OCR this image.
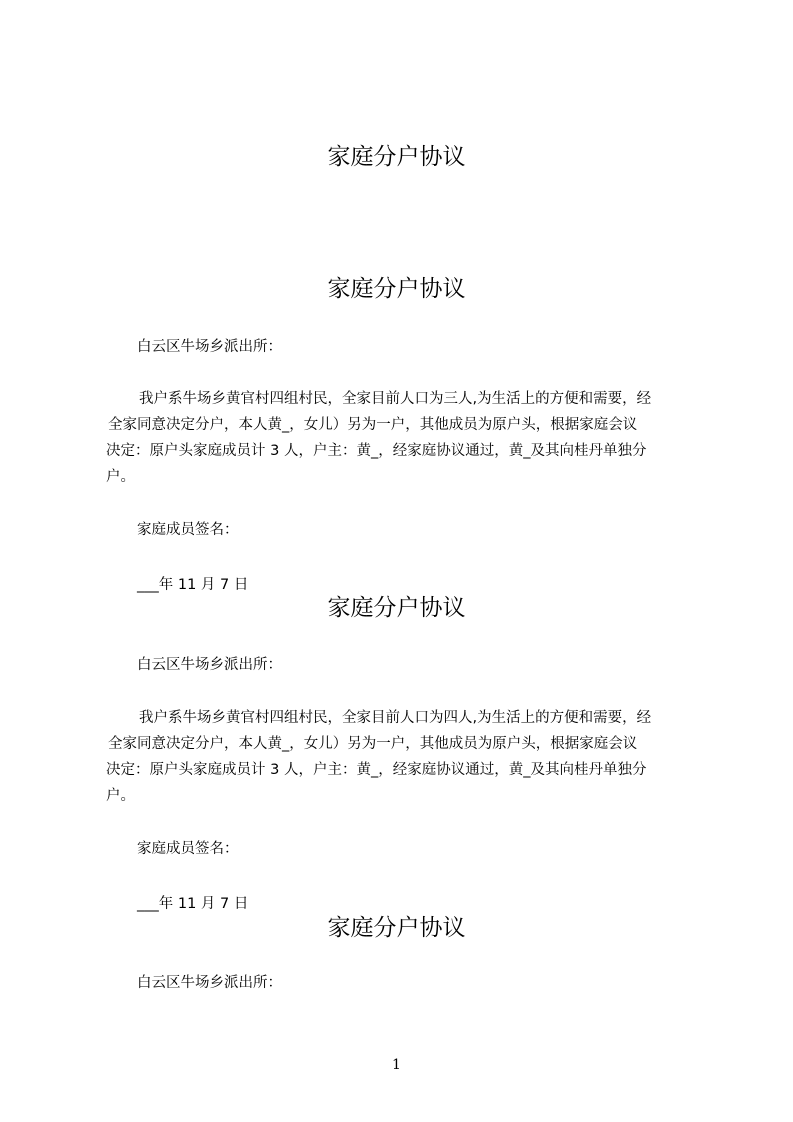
家庭分户协议
家庭分户协议

白云区牛场乡派出所：

我户系牛场乡黄官村四组村民，全家目前人口为三人,为生活上的方便和需要，经

全家同意决定分户，本人黄_，女儿）另为一户，其他成员为原户头，根据家庭会议

决定：原户头家庭成员计 3 人，户主：黄_，经家庭协议通过，黄_及其向桂丹单独分

户。

家庭成员签名：

___年 11 月 7 日

家庭分户协议

白云区牛场乡派出所：

我户系牛场乡黄官村四组村民，全家目前人口为四人,为生活上的方便和需要，经

全家同意决定分户，本人黄_，女儿）另为一户，其他成员为原户头，根据家庭会议

决定：原户头家庭成员计 3 人，户主：黄_，经家庭协议通过，黄_及其向桂丹单独分

户。

家庭成员签名：

___年 11 月 7 日

家庭分户协议

白云区牛场乡派出所：

1
